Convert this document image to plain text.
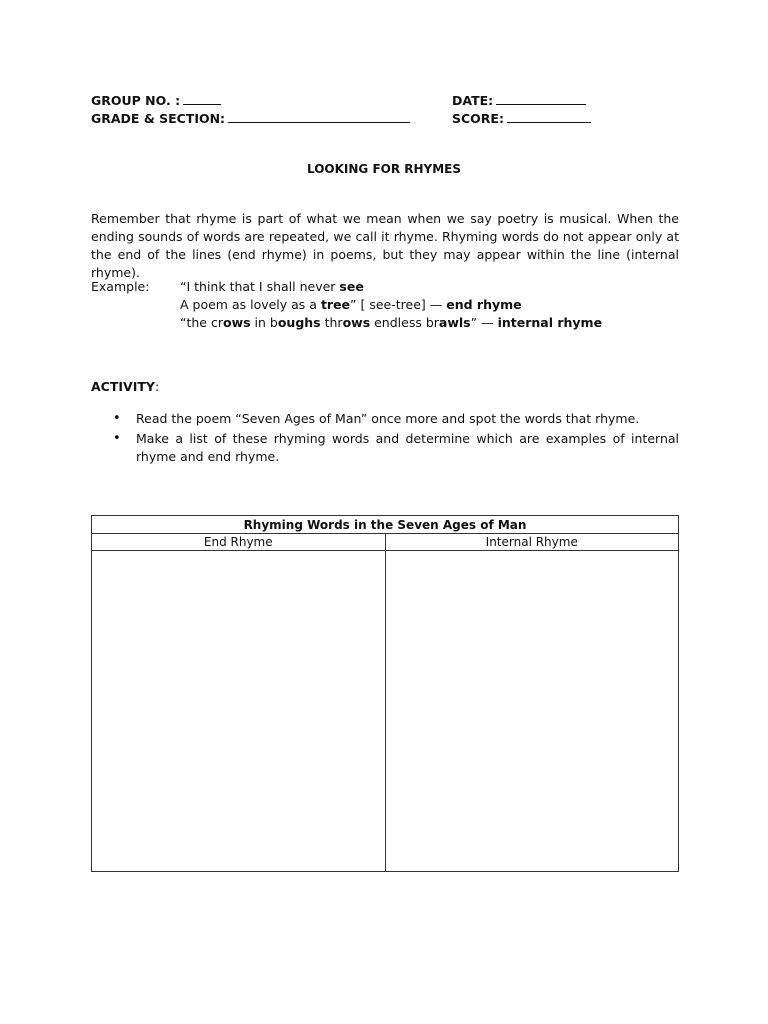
GROUP NO. :
GRADE & SECTION:
DATE:
SCORE:
LOOKING FOR RHYMES
Remember that rhyme is part of what we mean when we say poetry is musical. When the ending sounds of words are repeated, we call it rhyme. Rhyming words do not appear only at the end of the lines (end rhyme) in poems, but they may appear within the line (internal rhyme).
Example: “I think that I shall never see
A poem as lovely as a tree” [ see-tree] — end rhyme
“the crows in boughs throws endless brawls” — internal rhyme
ACTIVITY:
• Read the poem “Seven Ages of Man” once more and spot the words that rhyme.
• Make a list of these rhyming words and determine which are examples of internal rhyme and end rhyme.
Rhyming Words in the Seven Ages of Man	
End Rhyme	Internal Rhyme
